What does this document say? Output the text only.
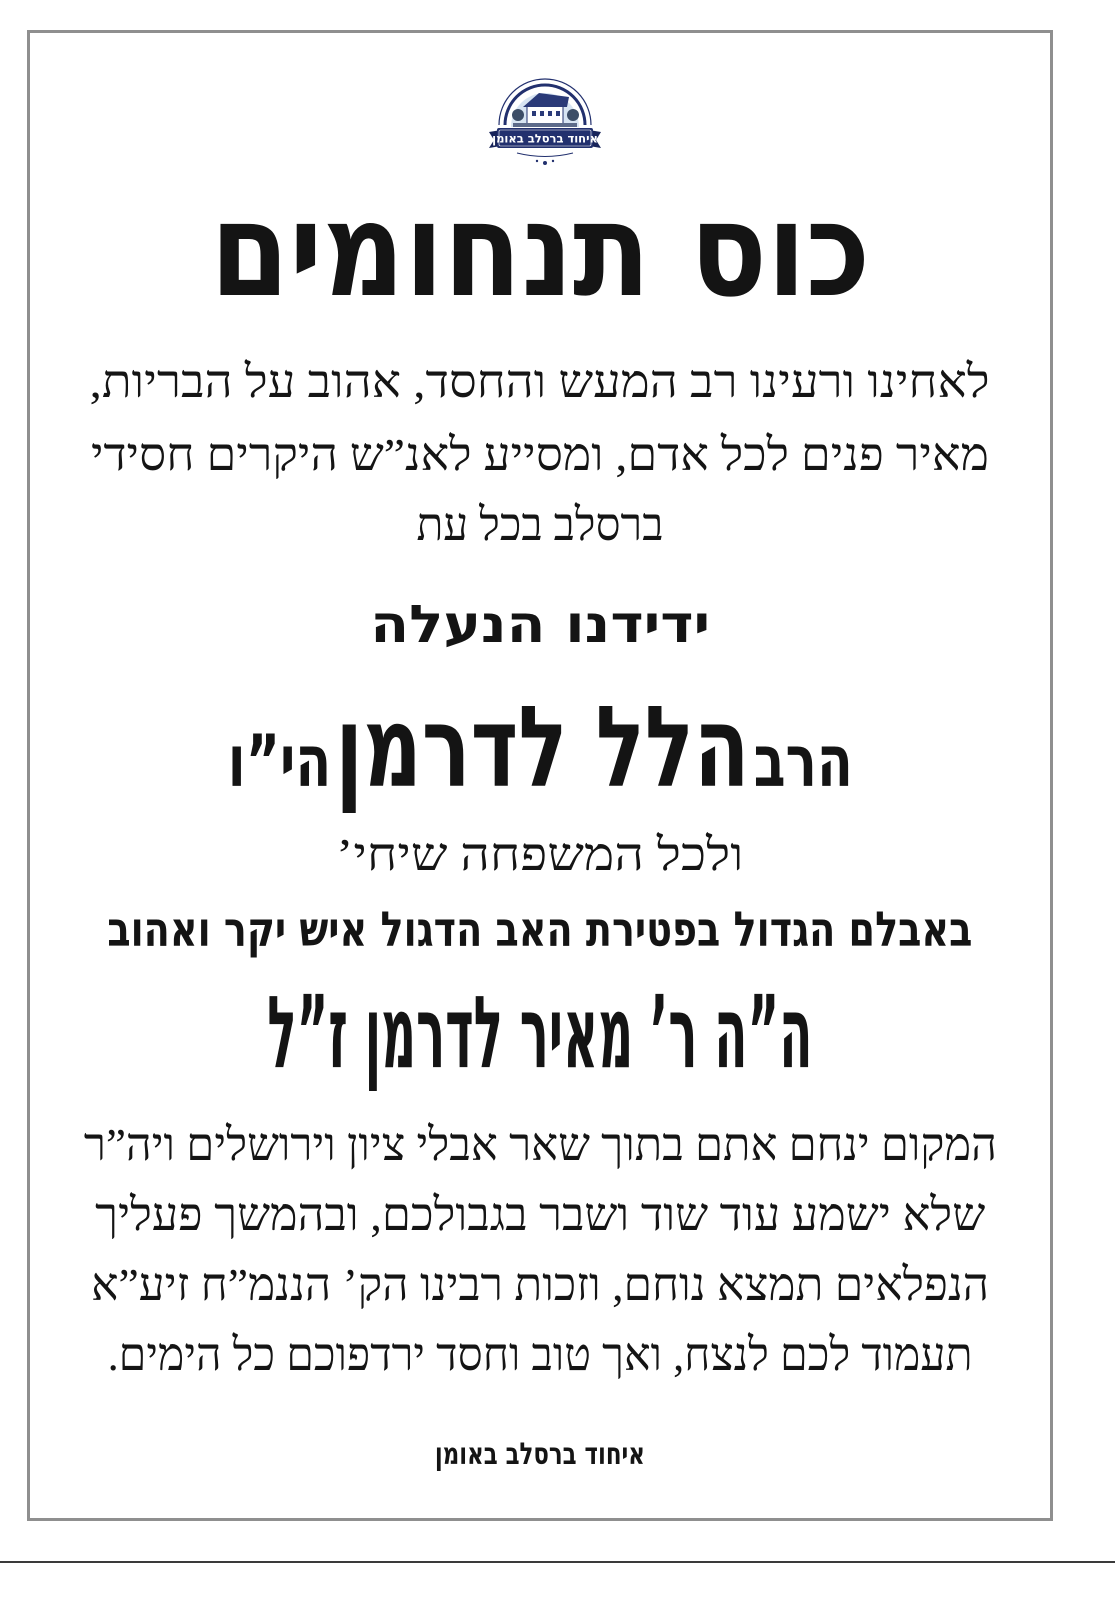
איחוד ברסלב באומן
כוס תנחומים
לאחינו ורעינו רב המעש והחסד, אהוב על הבריות,
מאיר פנים לכל אדם, ומסייע לאנ”ש היקרים חסידי
ברסלב בכל עת
ידידנו הנעלה
הרב הלל לדרמן הי”ו
ולכל המשפחה שיחי’
באבלם הגדול בפטירת האב הדגול איש יקר ואהוב
ה”ה ר’ מאיר לדרמן ז”ל
המקום ינחם אתם בתוך שאר אבלי ציון וירושלים ויה”ר
שלא ישמע עוד שוד ושבר בגבולכם, ובהמשך פעליך
הנפלאים תמצא נוחם, וזכות רבינו הק’ הננמ”ח זיע”א
תעמוד לכם לנצח, ואך טוב וחסד ירדפוכם כל הימים.
איחוד ברסלב באומן
